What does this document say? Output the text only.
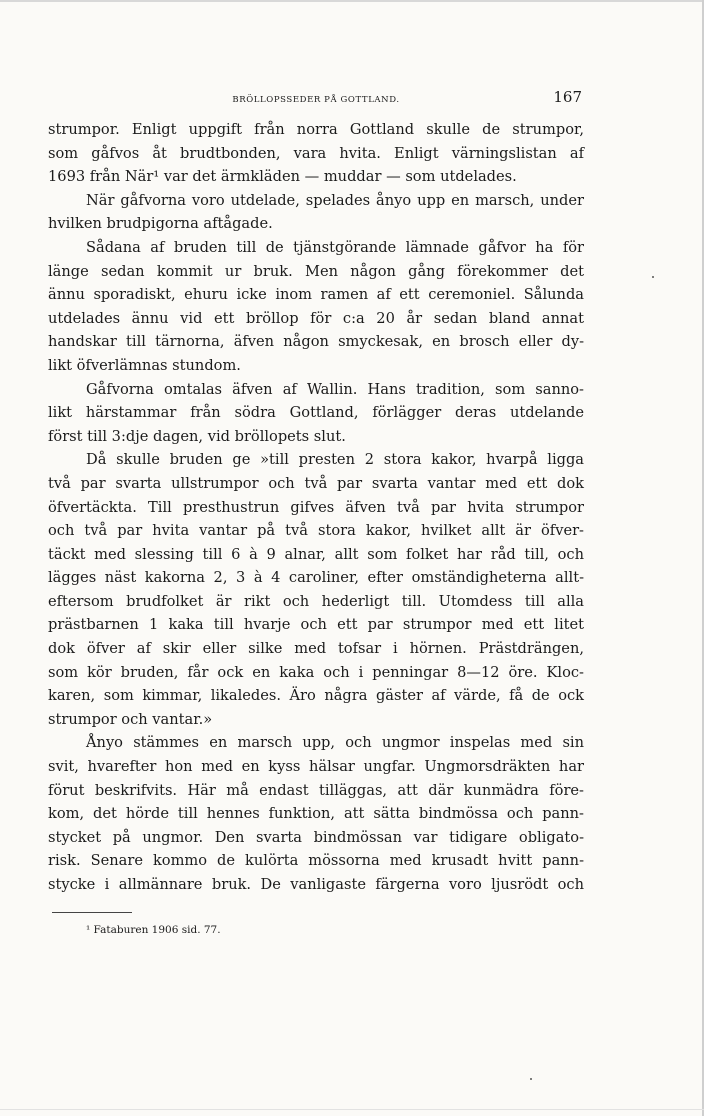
BRÖLLOPSSEDER PÅ GOTTLAND.	167
strumpor. Enligt uppgift från norra Gottland skulle de strumpor,
som gåfvos åt brudtbonden, vara hvita. Enligt värningslistan af
1693 från När¹ var det ärmkläden — muddar — som utdelades.
När gåfvorna voro utdelade, spelades ånyo upp en marsch, under
hvilken brudpigorna aftågade.
Sådana af bruden till de tjänstgörande lämnade gåfvor ha för
länge sedan kommit ur bruk. Men någon gång förekommer det
ännu sporadiskt, ehuru icke inom ramen af ett ceremoniel. Sålunda
utdelades ännu vid ett bröllop för c:a 20 år sedan bland annat
handskar till tärnorna, äfven någon smyckesak, en brosch eller dy-
likt öfverlämnas stundom.
Gåfvorna omtalas äfven af Wallin. Hans tradition, som sanno-
likt härstammar från södra Gottland, förlägger deras utdelande
först till 3:dje dagen, vid bröllopets slut.
Då skulle bruden ge »till presten 2 stora kakor, hvarpå ligga
två par svarta ullstrumpor och två par svarta vantar med ett dok
öfvertäckta. Till presthustrun gifves äfven två par hvita strumpor
och två par hvita vantar på två stora kakor, hvilket allt är öfver-
täckt med slessing till 6 à 9 alnar, allt som folket har råd till, och
lägges näst kakorna 2, 3 à 4 caroliner, efter omständigheterna allt-
eftersom brudfolket är rikt och hederligt till. Utomdess till alla
prästbarnen 1 kaka till hvarje och ett par strumpor med ett litet
dok öfver af skir eller silke med tofsar i hörnen. Prästdrängen,
som kör bruden, får ock en kaka och i penningar 8—12 öre. Kloc-
karen, som kimmar, likaledes. Äro några gäster af värde, få de ock
strumpor och vantar.»
Ånyo stämmes en marsch upp, och ungmor inspelas med sin
svit, hvarefter hon med en kyss hälsar ungfar. Ungmorsdräkten har
förut beskrifvits. Här må endast tilläggas, att där kunmädra före-
kom, det hörde till hennes funktion, att sätta bindmössa och pann-
stycket på ungmor. Den svarta bindmössan var tidigare obligato-
risk. Senare kommo de kulörta mössorna med krusadt hvitt pann-
stycke i allmännare bruk. De vanligaste färgerna voro ljusrödt och
¹ Fataburen 1906 sid. 77.
